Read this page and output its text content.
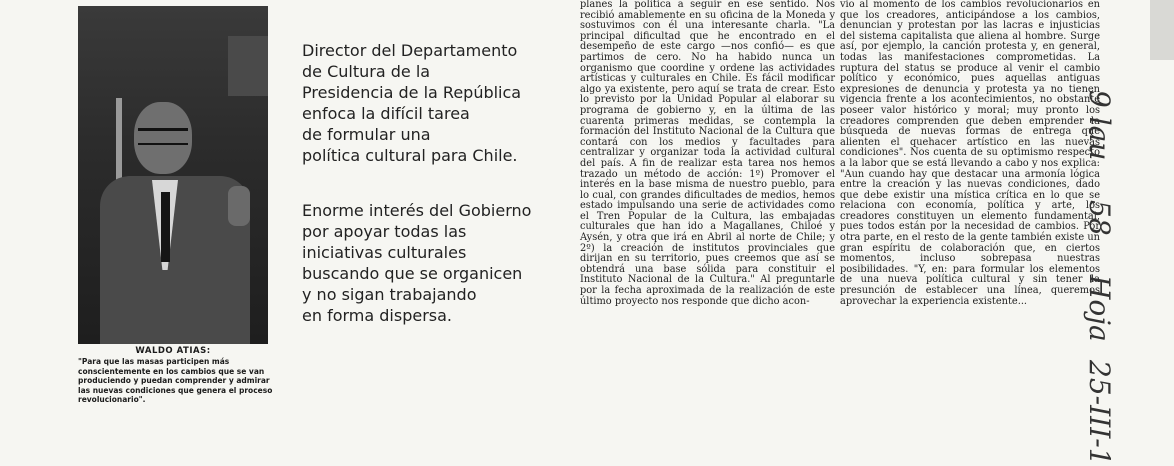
WALDO ATIAS:
"Para que las masas participen más conscientemente en los cambios que se van produciendo y puedan comprender y admirar las nuevas condiciones que genera el proceso revolucionario".

Director del Departamento

de Cultura de la

Presidencia de la República

enfoca la difícil tarea

de formular una

política cultural para Chile.

Enorme interés del Gobierno

por apoyar todas las

iniciativas culturales

buscando que se organicen

y no sigan trabajando

en forma dispersa.

planes la política a seguir en ese sentido. Nos recibió amablemente en su oficina de la Moneda y sostuvimos con él una interesante charla. "La principal dificultad que he encontrado en el desempeño de este cargo —nos confió— es que partimos de cero. No ha habido nunca un organismo que coordine y ordene las actividades artísticas y culturales en Chile. Es fácil modificar algo ya existente, pero aquí se trata de crear. Esto lo previsto por la Unidad Popular al elaborar su programa de gobierno y, en la última de las cuarenta primeras medidas, se contempla la formación del Instituto Nacional de la Cultura que contará con los medios y facultades para centralizar y organizar toda la actividad cultural del país. A fin de realizar esta tarea nos hemos trazado un método de acción: 1º) Promover el interés en la base misma de nuestro pueblo, para lo cual, con grandes dificultades de medios, hemos estado impulsando una serie de actividades como el Tren Popular de la Cultura, las embajadas culturales que han ido a Magallanes, Chiloé y Aysén, y otra que irá en Abril al norte de Chile; y 2º) la creación de institutos provinciales que dirijan en su territorio, pues creemos que así se obtendrá una base sólida para constituir el Instituto Nacional de la Cultura." Al preguntarle por la fecha aproximada de la realización de este último proyecto nos responde que dicho acon-

vio al momento de los cambios revolucionarios en que los creadores, anticipándose a los cambios, denuncian y protestan por las lacras e injusticias del sistema capitalista que aliena al hombre. Surge así, por ejemplo, la canción protesta y, en general, todas las manifestaciones comprometidas. La ruptura del status se produce al venir el cambio político y económico, pues aquellas antiguas expresiones de denuncia y protesta ya no tienen vigencia frente a los acontecimientos, no obstante poseer valor histórico y moral; muy pronto los creadores comprenden que deben emprender la búsqueda de nuevas formas de entrega que alienten el quehacer artístico en las nuevas condiciones". Nos cuenta de su optimismo respecto a la labor que se está llevando a cabo y nos explica: "Aun cuando hay que destacar una armonía lógica entre la creación y las nuevas condiciones, dado que debe existir una mística crítica en lo que se relaciona con economía, política y arte, los creadores constituyen un elemento fundamental, pues todos están por la necesidad de cambios. Por otra parte, en el resto de la gente también existe un gran espíritu de colaboración que, en ciertos momentos, incluso sobrepasa nuestras posibilidades. "Y, en: para formular los elementos de una nueva política cultural y sin tener la presunción de establecer una línea, queremos aprovechar la experiencia existente...

9 lau
58
Hoja
25-III-1
